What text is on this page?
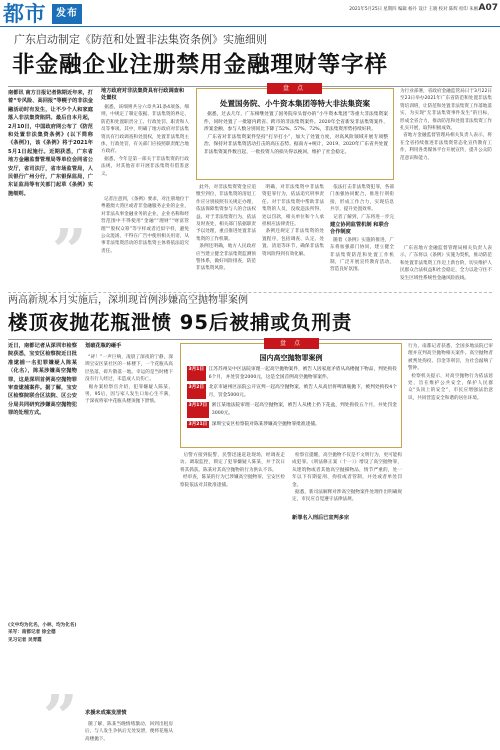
都市	发布	2021年5月25日 星期四 编辑 杨丹 设计 王晓 校对 陈辉 检印 朱刚 A07
广东启动制定《防范和处置非法集资条例》实施细则
非金融企业注册禁用金融理财等字样
南都讯 南方日报记者陈期近年来，打着“专风险、高回报”等幌子的非法金融活动时有发生，让不少个人和家庭落入非法集资陷阱。最后自本月起，2月10日，中国政府网公布了《防范和处置非法集资条例》(以下简称《条例》)，该《条例》将于2021年5月1日起施行。近期获悉，广东省地方金融监督管理局等单位会同省公安厅，省司法厅，省市场监管局，人民银行广州分行，广东银保监局，广东证监局等有关部门起草《条例》实施细则。
”
地方政府对非法集资具有行政调查和处置权
据悉，该细则共分六章共31条4项条。细则，中规定了制定依据、非法集资的界定、防范和处置职责分工、行政处罚、职责和人员等事项。其中，明确了地方政府对非法集资具有行政调查和处置权，处置非法集资主体，行政处罚，有关部门应按照职责配合地方政府。
据悉，今年是第一部关于非法集资的行政法规，对其他省市开展非法集资有借鉴意义。
盘 点
处置国务院、小牛资本集团等特大非法集资案
据悉，过去几年，广东相继处置了国务院牵头督办的“小牛资本集团”等重大非法集资案件，同时处置了一批辖内跨省、跨市的非法集资案件。2020年全省新发非法集资案件、涉案金额、参与人数分别同比下降了52%、57%、72%，非法集资形势持续好转。
广东省对非法集资案件坚持“打早打小”，加大了处置力度，对高风险领域开展专项整治，保持对非法集资活动打击的高压态势。据南方+统计，2019、2020年广东省共处置非法集资案件数百起，一批投资人的损失得以挽回，维护了社会稳定。
为行业部署，省政府金融监管局日于3月22日至23日举办2021年广东省防范和处置非法集资培训班，让防范和处置非法集资工作落地落实，为实现“无非法集资事件发生”的目标，形成全省合力，推动防范和处置非法集资工作扎实开展，取得积极成效。
省地方金融监督管理局相关负责人表示，将在全省持续推进非法集资常态化宣传教育工作，利用各类媒体平台开展宣传，提升公众防范意识和能力。
此外，对非法集资资金应追缴至到位，非法集资的清退工作应分别按照有关规定办理，依法保障集资参与人的合法权益。对于非法集资行为，依法及时查处，相关部门依据职责予以处理，重点推进处置非法集资的工作机制。
条例还明确，地方人民政府应当建立健全非法集资监测预警体系，做好风险排查，防范非法集资风险。
明确，对非法集资中非法集资犯罪行为，依法追究刑事责任。对于非法集资中帮助非法集资的人员，没收违法所得，处以罚款，相关单位和个人承担相应法律责任。
条例还规定了非法集资的处置程序，包括调查、认定、处置、清退等环节，确保非法集资风险得到有效化解。
依法打击非法集资犯罪，各部门加强协同配合，推进行刑衔接，形成工作合力，实现信息共享，提升处置效率。
记者了解到，广东将进一步完
建立协同监管机制 和联合合作制度
随着《条例》实施的推进，广东将加强部门协同，建立健全非法集资防范和处置工作机制，广泛开展宣传教育活动，营造良好氛围。
广东省地方金融监督管理局相关负责人表示，广东将以《条例》实施为契机，推动防范和处置非法集资工作迈上新台阶，切实维护人民群众合法权益和社会稳定，全力以赴守住不发生区域性系统性金融风险底线。
记者注意到，《条例》要求，对注册地位于粤港澳大湾区或者非金融服务企业的企业，对非法从事金融业务的企业，企业名称和经营范围中不得使用“金融”“理财”“财富管理”“股权众筹”等字样或者近似字样，避免公众混淆，不得在广告中使用相关用语，从事非法集资活动的非法集资主体将依法追究责任。
两高新规本月实施后，深圳现首例涉嫌高空抛物罪案例
楼顶夜抛花瓶泄愤 95后被捕或负刑责
近日，南都记者从深圳市检察院获悉，宝安区检察院近日批准逮捕一名犯罪嫌疑人陈某（化名），陈某涉嫌高空抛物罪，这是深圳首例高空抛物罪审查逮捕案件。据了解，宝安区检察院联合区法院、区公安分局共同研究涉嫌高空抛物犯罪的处理方式。
(文中均为化名，小林，均为化名)
采写：南都记者 徐全德
见习记者 吴青霞
”
划破花瓶的砸手
“砰！”一声巨响，凌晨了深夜的宁静，深圳宝安区某社区的一栋楼下，一个花瓶从高层坠落，碎片散落一地。幸运的是当时楼下没有行人经过，未造成人员伤亡。
据办案检察官介绍，犯罪嫌疑人陈某，男，95后，因与家人发生口角心生不满，于深夜将家中花瓶从楼顶抛下泄愤。
求援未成案发泄愤
随了解，陈某当晚情绪激动，回到出租房后，与人发生争执后无处发泄，便将花瓶从高楼抛下。
盘 点
国内高空抛物罪案例
3月1日 江苏苏州吴中区法院审理一起高空抛物案件，被告人因家庭矛盾从高楼抛下物品，判处拘役6个月，并处罚金2000元，这是全国首例高空抛物罪案件。
3月2日 北京市通州区法院公开宣判一起高空抛物案，被告人从高层将啤酒瓶抛下，被判处拘役4个月，罚金5000元。
3月17日 浙江某地法院审理一起高空抛物案，被告人从楼上扔下花盆，判处拘役五个月，并处罚金3000元。
3月21日 深圳宝安区检察院对陈某涉嫌高空抛物罪批准逮捕。
后警方接到报警，民警迅速赶赴现场，经调查走访、调取监控，锁定了犯罪嫌疑人陈某，并于次日将其抓获。陈某对其高空抛物的行为供认不讳。
经审查，陈某的行为已涉嫌高空抛物罪，宝安区检察院依法对其批准逮捕。
检察官提醒，高空抛物不仅是不文明行为，更可能构成犯罪。《刑法修正案（十一）》增设了高空抛物罪，从建筑物或者其他高空抛掷物品，情节严重的，处一年以下有期徒刑、拘役或者管制，并处或者单处罚金。
据悉，新司法解释对涉高空抛物案件处理作出明确规定，市民应自觉遵守法律法规。
新罪名入刑后已宣判多宗
行为，南都记者获悉，全国多地法院已审理并宣判高空抛物相关案件。高空抛物者被判处拘役、罚金等刑罚，为社会敲响了警钟。
检察机关提示，对高空抛物行为依法惩处，旨在维护公共安全，保护人民群众“头顶上的安全”，市民应增强法治意识，共同营造安全和谐的居住环境。
